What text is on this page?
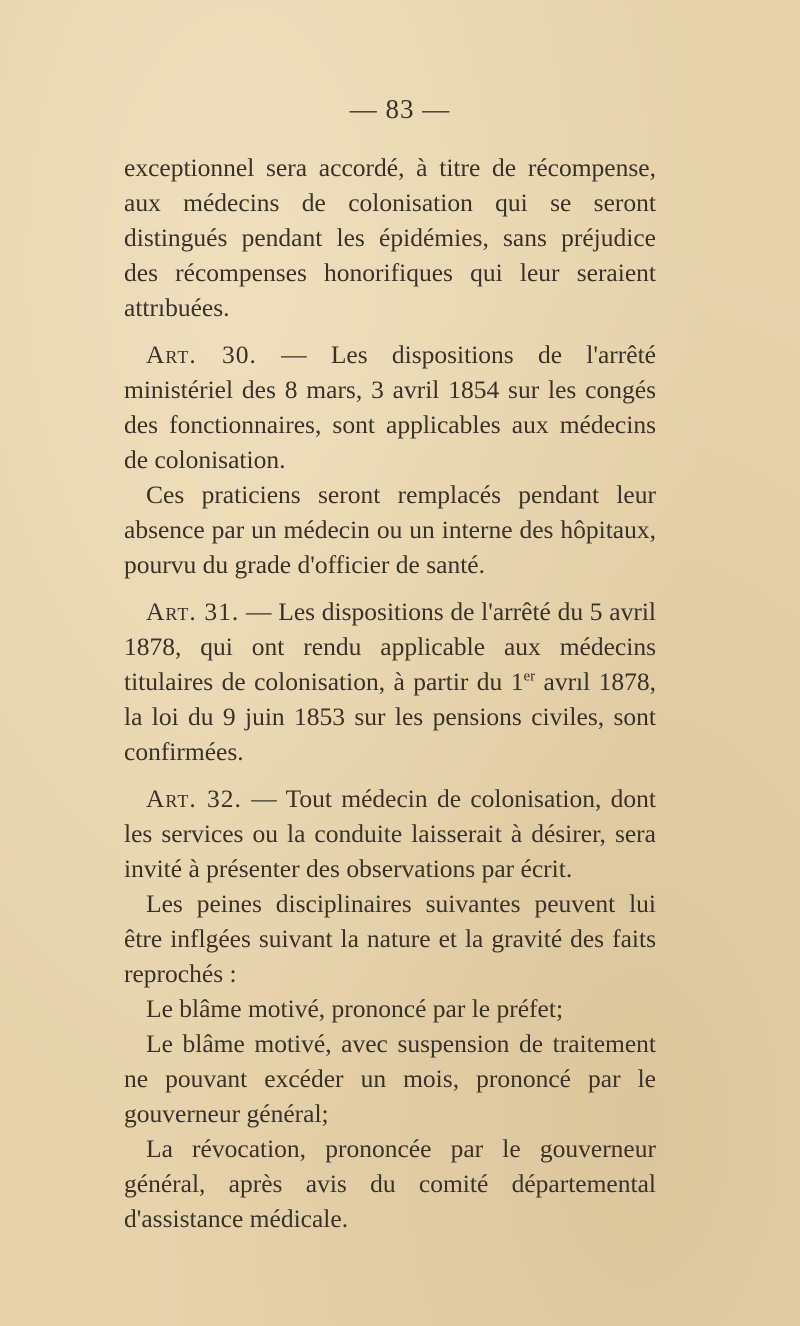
— 83 —

exceptionnel sera accordé, à titre de récompense, aux médecins de colonisation qui se seront distingués pendant les épidémies, sans préjudice des récompenses honorifiques qui leur seraient attrıbuées.

Art. 30. — Les dispositions de l'arrêté ministériel des 8 mars, 3 avril 1854 sur les congés des fonctionnaires, sont applicables aux médecins de colonisation.

Ces praticiens seront remplacés pendant leur absence par un médecin ou un interne des hôpitaux, pourvu du grade d'officier de santé.

Art. 31. — Les dispositions de l'arrêté du 5 avril 1878, qui ont rendu applicable aux médecins titulaires de colonisation, à partir du 1er avrıl 1878, la loi du 9 juin 1853 sur les pensions civiles, sont confirmées.

Art. 32. — Tout médecin de colonisation, dont les services ou la conduite laisserait à désirer, sera invité à présenter des observations par écrit.

Les peines disciplinaires suivantes peuvent lui être inflgées suivant la nature et la gravité des faits reprochés :

Le blâme motivé, prononcé par le préfet;

Le blâme motivé, avec suspension de traitement ne pouvant excéder un mois, prononcé par le gouverneur général;

La révocation, prononcée par le gouverneur général, après avis du comité départemental d'assistance médicale.
